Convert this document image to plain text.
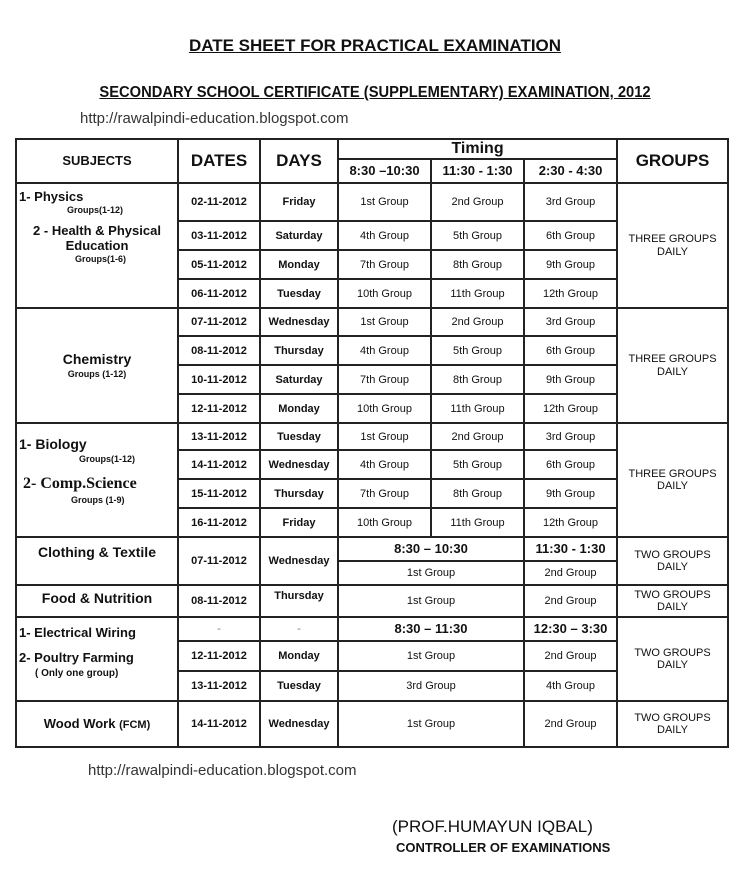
DATE SHEET FOR PRACTICAL EXAMINATION
SECONDARY SCHOOL CERTIFICATE (SUPPLEMENTARY) EXAMINATION, 2012
http://rawalpindi-education.blogspot.com
SUBJECTS	DATES	DAYS	Timing			GROUPS
			8:30 –10:30	11:30 - 1:30	2:30 - 4:30	

1- Physics
Groups(1-12)
2 - Health & Physical Education
Groups(1-6)	02-11-2012	Friday	1st Group	2nd Group	3rd Group	THREE GROUPS DAILY
	03-11-2012	Saturday	4th Group	5th Group	6th Group	
	05-11-2012	Monday	7th Group	8th Group	9th Group	
	06-11-2012	Tuesday	10th Group	11th Group	12th Group	

Chemistry
Groups (1-12)	07-11-2012	Wednesday	1st Group	2nd Group	3rd Group	THREE GROUPS DAILY
	08-11-2012	Thursday	4th Group	5th Group	6th Group	
	10-11-2012	Saturday	7th Group	8th Group	9th Group	
	12-11-2012	Monday	10th Group	11th Group	12th Group	

1- Biology
Groups(1-12)
2- Comp.Science
Groups (1-9)	13-11-2012	Tuesday	1st Group	2nd Group	3rd Group	THREE GROUPS DAILY
	14-11-2012	Wednesday	4th Group	5th Group	6th Group	
	15-11-2012	Thursday	7th Group	8th Group	9th Group	
	16-11-2012	Friday	10th Group	11th Group	12th Group	
Clothing & Textile	07-11-2012	Wednesday	8:30 – 10:30		11:30 - 1:30	TWO GROUPS DAILY
			1st Group		2nd Group	
Food & Nutrition	08-11-2012	Thursday	1st Group		2nd Group	TWO GROUPS DAILY

1- Electrical Wiring
2- Poultry Farming
( Only one group)	-	-	8:30 – 11:30		12:30 – 3:30	TWO GROUPS DAILY
	12-11-2012	Monday	1st Group		2nd Group	
	13-11-2012	Tuesday	3rd Group		4th Group	
Wood Work (FCM)	14-11-2012	Wednesday	1st Group		2nd Group	TWO GROUPS DAILY
http://rawalpindi-education.blogspot.com
(PROF.HUMAYUN IQBAL)
CONTROLLER OF EXAMINATIONS
